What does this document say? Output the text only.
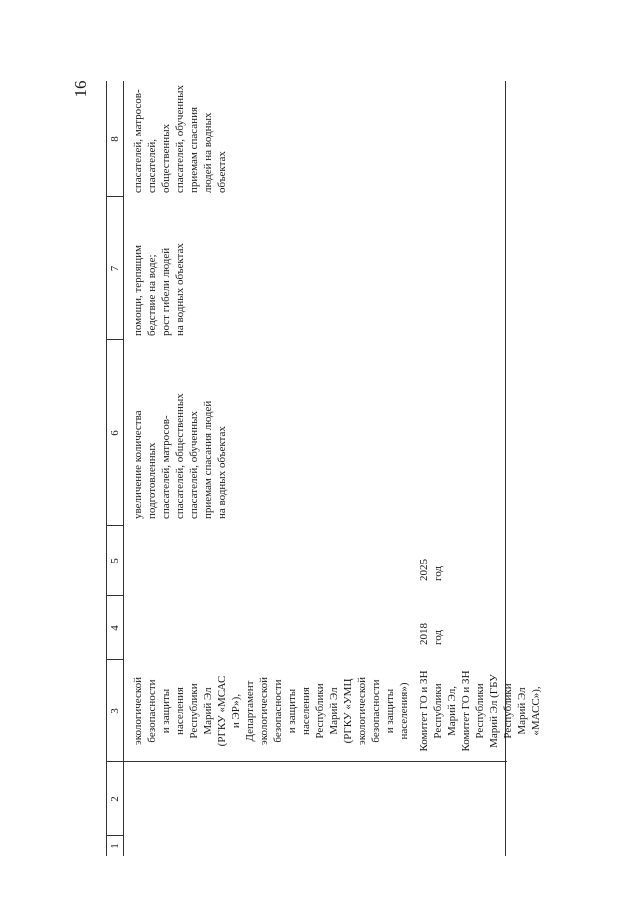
16
1
2
3
4
5
6
7
8
экологической безопасности и защиты населения Республики Марий Эл (РГКУ «МСАС и ЭР»), Департамент экологической безопасности и защиты населения Республики Марий Эл (РГКУ «УМЦ экологической безопасности и защиты населения»)
увеличение количества подготовленных спасателей, матросов- спасателей, общественных спасателей, обученных приемам спасания людей на водных объектах
помощи, терпящим бедствие на воде; рост гибели людей на водных объектах
спасателей, матросов- спасателей, общественных спасателей, обученных приемам спасания людей на водных объектах
Комитет ГО и ЗН Республики Марий Эл, Комитет ГО и ЗН Республики Марий Эл (ГБУ Республики Марий Эл «МАСС»),
2018 год
2025 год
